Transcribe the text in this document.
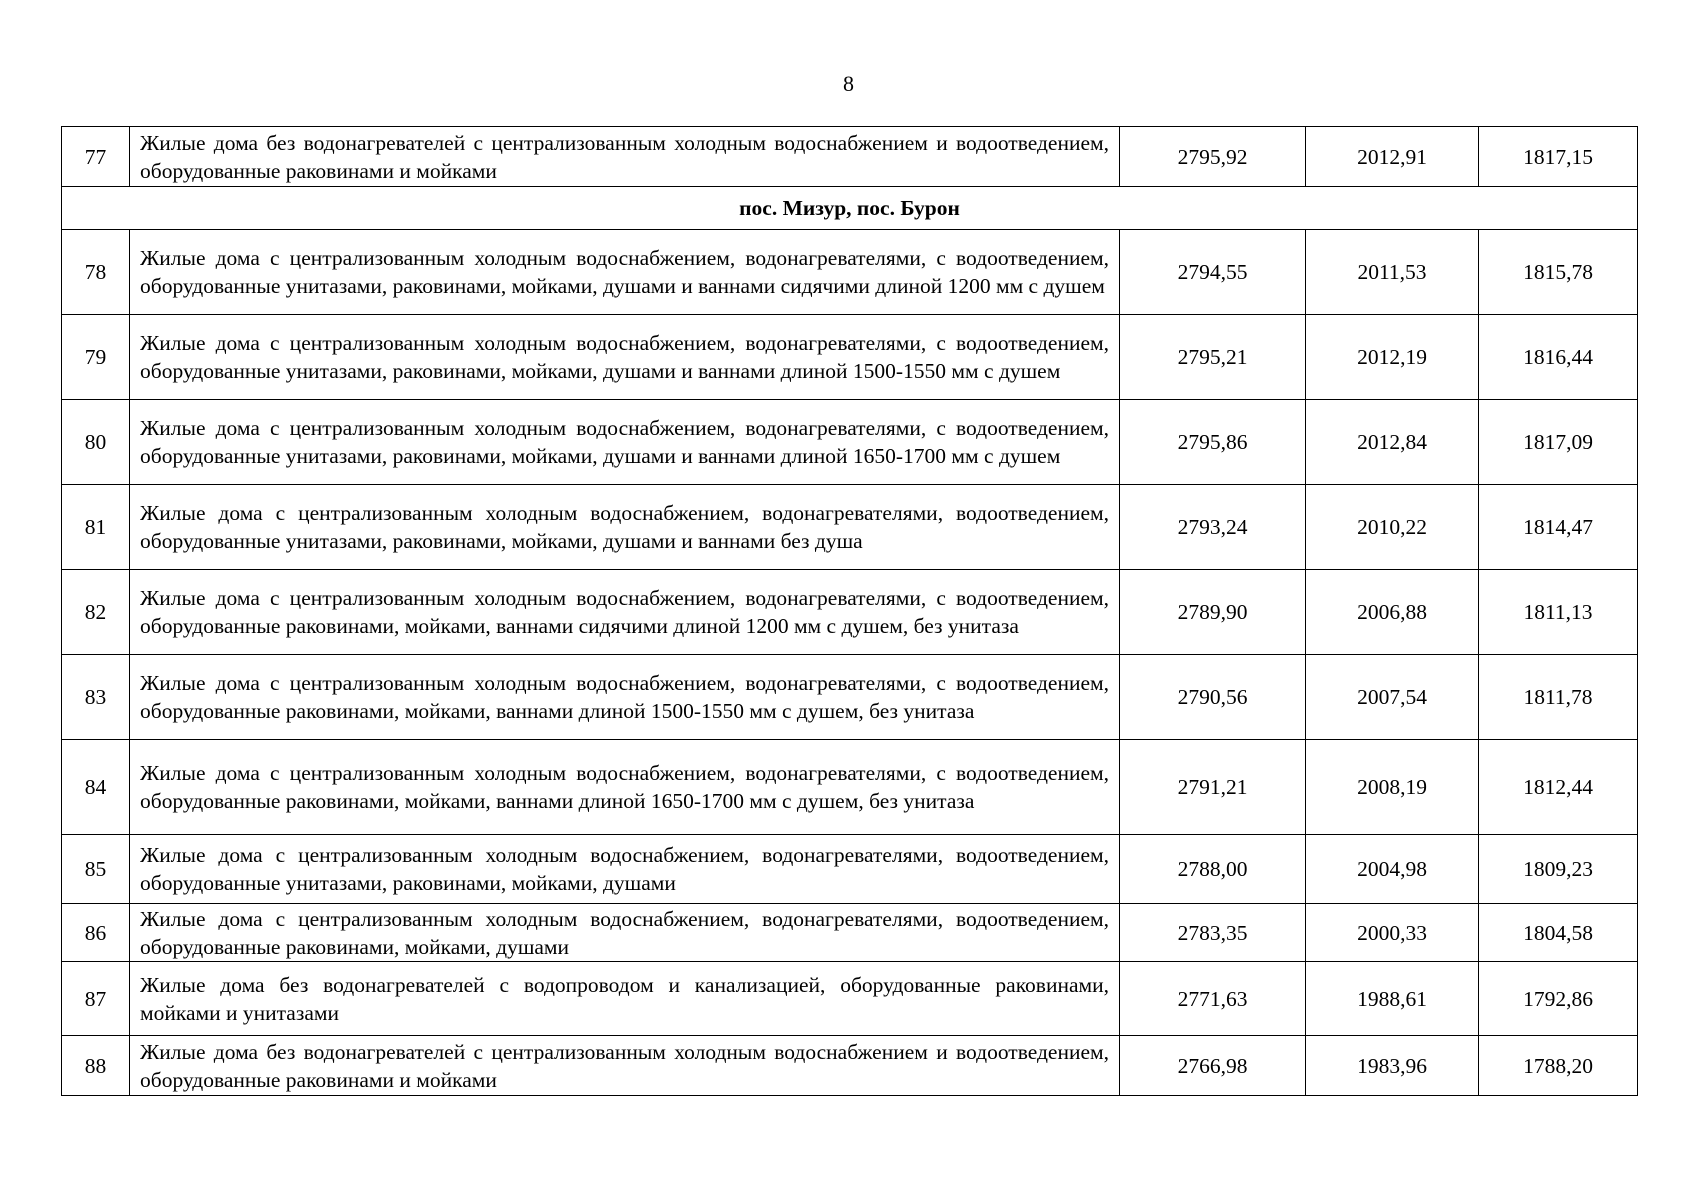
8
77	Жилые дома без водонагревателей с централизованным холодным водоснабжением и водоотведением, оборудованные раковинами и мойками	2795,92	2012,91	1817,15
пос. Мизур, пос. Бурон				
78	Жилые дома с централизованным холодным водоснабжением, водонагревателями, с водоотведением, оборудованные унитазами, раковинами, мойками, душами и ваннами сидячими длиной 1200 мм с душем	2794,55	2011,53	1815,78
79	Жилые дома с централизованным холодным водоснабжением, водонагревателями, с водоотведением, оборудованные унитазами, раковинами, мойками, душами и ваннами длиной 1500-1550 мм с душем	2795,21	2012,19	1816,44
80	Жилые дома с централизованным холодным водоснабжением, водонагревателями, с водоотведением, оборудованные унитазами, раковинами, мойками, душами и ваннами длиной 1650-1700 мм с душем	2795,86	2012,84	1817,09
81	Жилые дома с централизованным холодным водоснабжением, водонагревателями, водоотведением, оборудованные унитазами, раковинами, мойками, душами и ваннами без душа	2793,24	2010,22	1814,47
82	Жилые дома с централизованным холодным водоснабжением, водонагревателями, с водоотведением, оборудованные раковинами, мойками, ваннами сидячими длиной 1200 мм с душем, без унитаза	2789,90	2006,88	1811,13
83	Жилые дома с централизованным холодным водоснабжением, водонагревателями, с водоотведением, оборудованные раковинами, мойками, ваннами длиной 1500-1550 мм с душем, без унитаза	2790,56	2007,54	1811,78
84	Жилые дома с централизованным холодным водоснабжением, водонагревателями, с водоотведением, оборудованные раковинами, мойками, ваннами длиной 1650-1700 мм с душем, без унитаза	2791,21	2008,19	1812,44
85	Жилые дома с централизованным холодным водоснабжением, водонагревателями, водоотведением, оборудованные унитазами, раковинами, мойками, душами	2788,00	2004,98	1809,23
86	Жилые дома с централизованным холодным водоснабжением, водонагревателями, водоотведением, оборудованные раковинами, мойками, душами	2783,35	2000,33	1804,58
87	Жилые дома без водонагревателей с водопроводом и канализацией, оборудованные раковинами, мойками и унитазами	2771,63	1988,61	1792,86
88	Жилые дома без водонагревателей с централизованным холодным водоснабжением и водоотведением, оборудованные раковинами и мойками	2766,98	1983,96	1788,20
